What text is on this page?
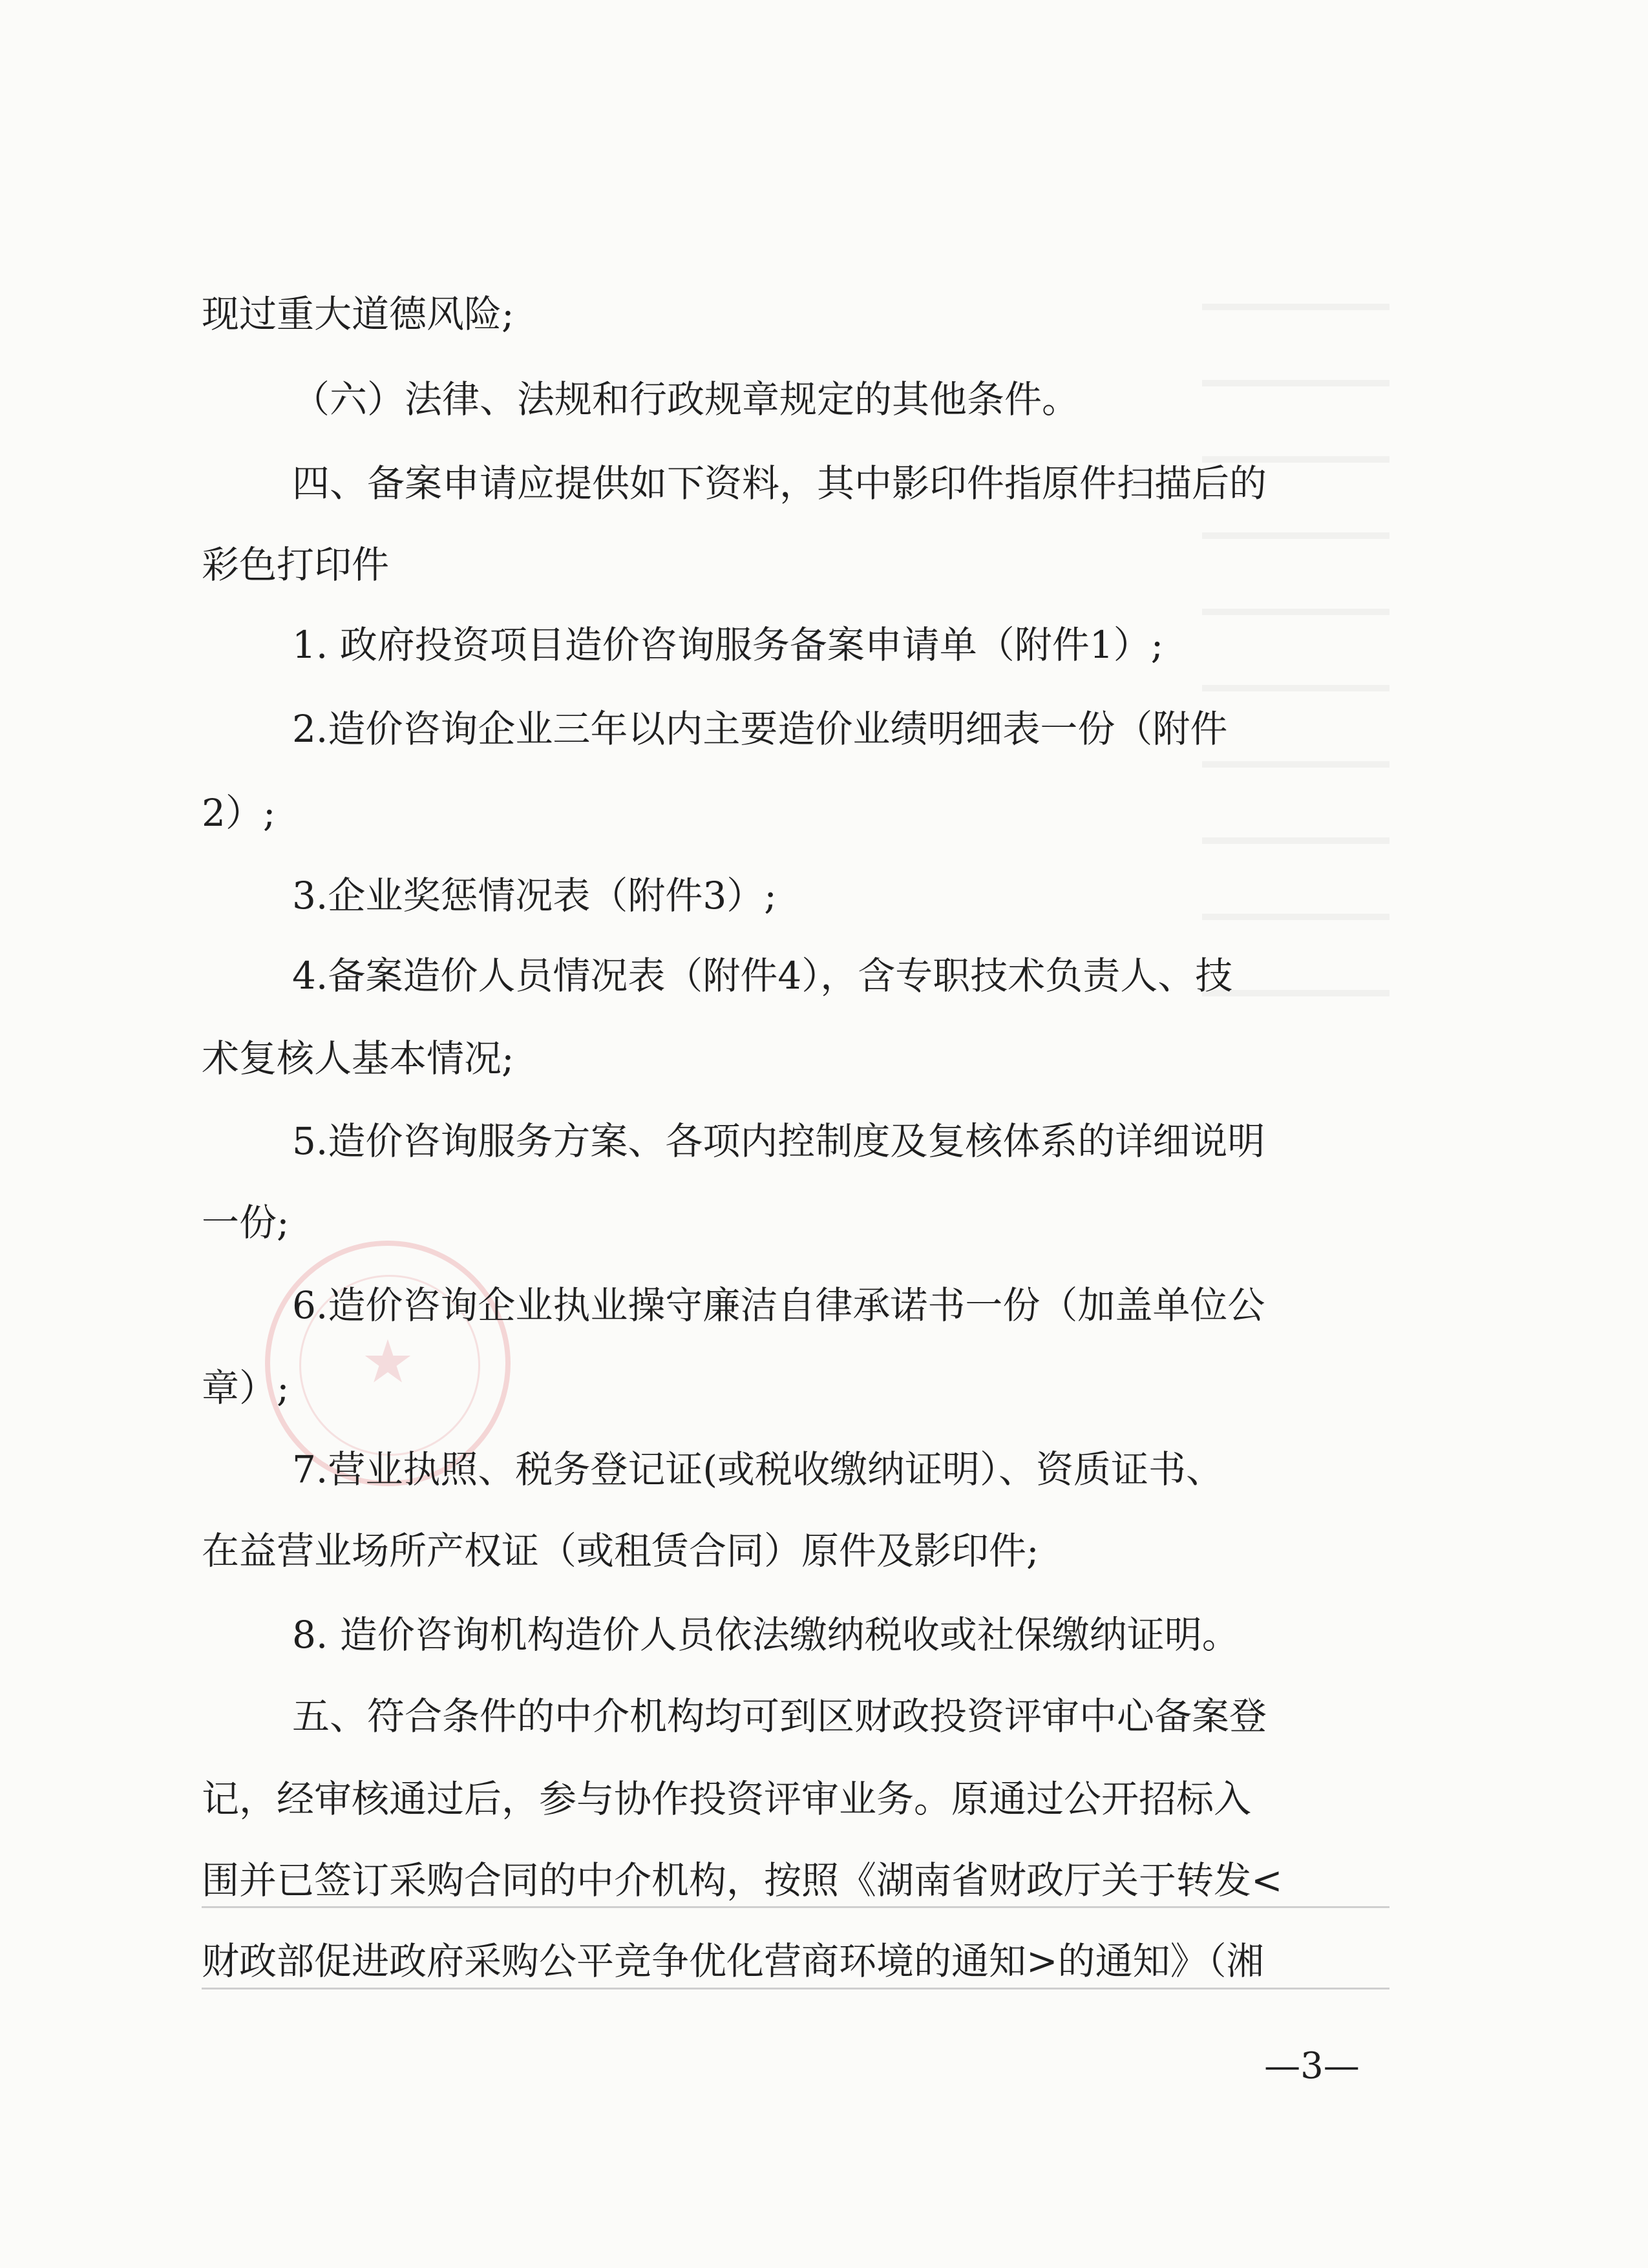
★
现过重大道德风险;
（六）法律、法规和行政规章规定的其他条件。
四、备案申请应提供如下资料，其中影印件指原件扫描后的
彩色打印件
1. 政府投资项目造价咨询服务备案申请单（附件1）;
2.造价咨询企业三年以内主要造价业绩明细表一份（附件
2）;
3.企业奖惩情况表（附件3）;
4.备案造价人员情况表（附件4），含专职技术负责人、技
术复核人基本情况;
5.造价咨询服务方案、各项内控制度及复核体系的详细说明
一份;
6.造价咨询企业执业操守廉洁自律承诺书一份（加盖单位公
章）;
7.营业执照、税务登记证(或税收缴纳证明）、资质证书、
在益营业场所产权证（或租赁合同）原件及影印件;
8. 造价咨询机构造价人员依法缴纳税收或社保缴纳证明。
五、符合条件的中介机构均可到区财政投资评审中心备案登
记，经审核通过后，参与协作投资评审业务。原通过公开招标入
围并已签订采购合同的中介机构，按照《湖南省财政厅关于转发<
财政部促进政府采购公平竞争优化营商环境的通知>的通知》（湘
—3—
